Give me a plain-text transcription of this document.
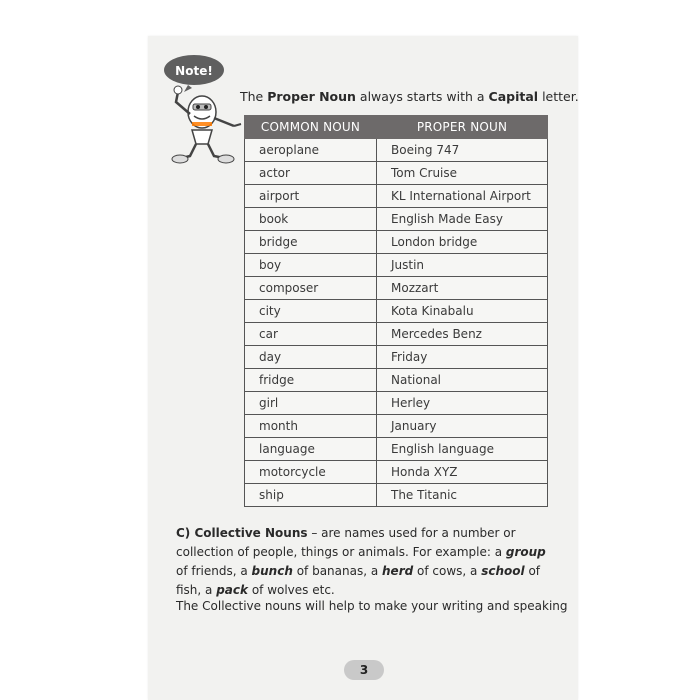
Note!
The Proper Noun always starts with a Capital letter.
COMMON NOUN	PROPER NOUN
aeroplane	Boeing 747
actor	Tom Cruise
airport	KL International Airport
book	English Made Easy
bridge	London bridge
boy	Justin
composer	Mozzart
city	Kota Kinabalu
car	Mercedes Benz
day	Friday
fridge	National
girl	Herley
month	January
language	English language
motorcycle	Honda XYZ
ship	The Titanic
C) Collective Nouns – are names used for a number or collection of people, things or animals. For example: a group of friends, a bunch of bananas, a herd of cows, a school of fish, a pack of wolves etc.
The Collective nouns will help to make your writing and speaking
3
